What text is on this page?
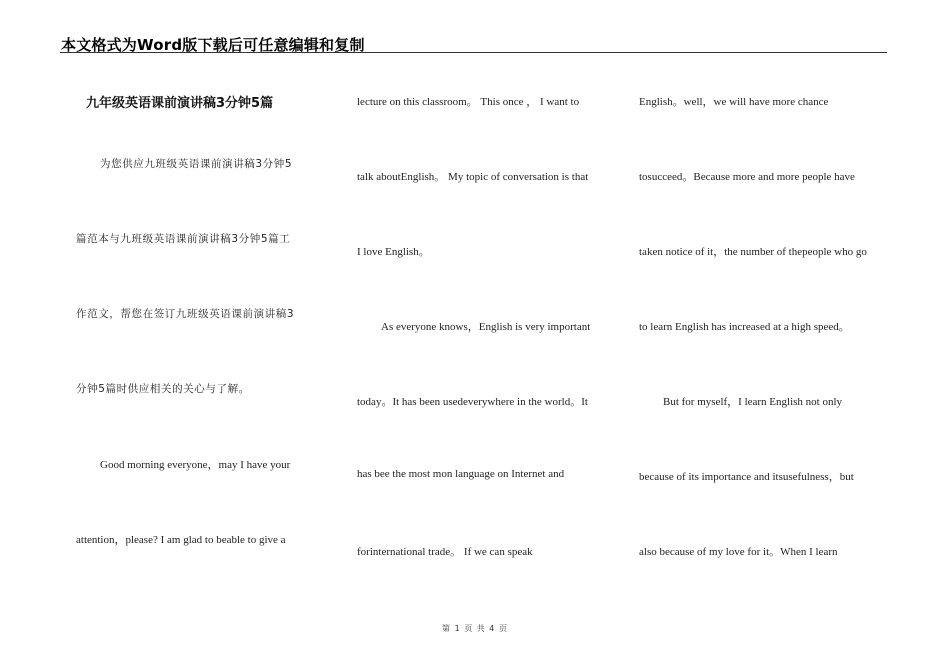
本文格式为Word版下载后可任意编辑和复制
九年级英语课前演讲稿3分钟5篇
为您供应九班级英语课前演讲稿3分钟5
篇范本与九班级英语课前演讲稿3分钟5篇工
作范文，帮您在签订九班级英语课前演讲稿3
分钟5篇时供应相关的关心与了解。
Good morning everyone，may I have your
attention，please? I am glad to beable to give a
lecture on this classroom。 This once ， I want to
talk aboutEnglish。 My topic of conversation is that
I love English。
As everyone knows，English is very important
today。It has been usedeverywhere in the world。It
has bee the most mon language on Internet and
forinternational trade。 If we can speak
English。well，we will have more chance
tosucceed。Because more and more people have
taken notice of it，the number of thepeople who go
to learn English has increased at a high speed。
But for myself，I learn English not only
because of its importance and itsusefulness，but
also because of my love for it。When I learn
第 1 页 共 4 页
